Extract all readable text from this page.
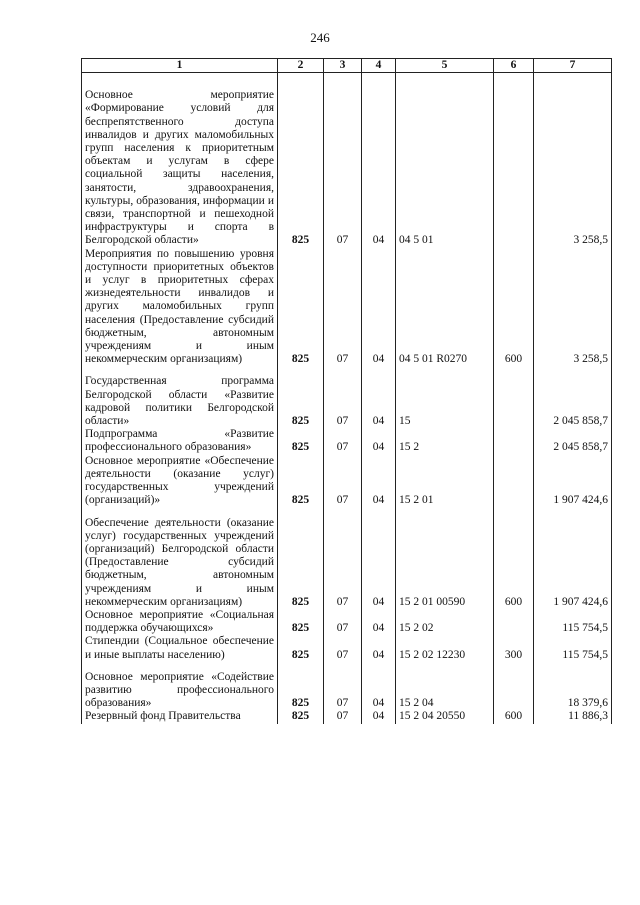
246
1	2	3	4	5	6	7
Основное мероприятие «Формирование условий для беспрепятственного доступа инвалидов и других маломобильных групп населения к приоритетным объектам и услугам в сфере социальной защиты населения, занятости, здравоохранения, культуры, образования, информации и связи, транспортной и пешеходной инфраструктуры и спорта в Белгородской области»	825	07	04	04 5 01		3 258,5
Мероприятия по повышению уровня доступности приоритетных объектов и услуг в приоритетных сферах жизнедеятельности инвалидов и других маломобильных групп населения (Предоставление субсидий бюджетным, автономным учреждениям и иным некоммерческим организациям)	825	07	04	04 5 01 R0270	600	3 258,5
Государственная программа Белгородской области «Развитие кадровой политики Белгородской области»	825	07	04	15		2 045 858,7
Подпрограмма «Развитие профессионального образования»	825	07	04	15 2		2 045 858,7
Основное мероприятие «Обеспечение деятельности (оказание услуг) государственных учреждений (организаций)»	825	07	04	15 2 01		1 907 424,6
Обеспечение деятельности (оказание услуг) государственных учреждений (организаций) Белгородской области (Предоставление субсидий бюджетным, автономным учреждениям и иным некоммерческим организациям)	825	07	04	15 2 01 00590	600	1 907 424,6
Основное мероприятие «Социальная поддержка обучающихся»	825	07	04	15 2 02		115 754,5
Стипендии (Социальное обеспечение и иные выплаты населению)	825	07	04	15 2 02 12230	300	115 754,5
Основное мероприятие «Содействие развитию профессионального образования»	825	07	04	15 2 04		18 379,6
Резервный фонд Правительства	825	07	04	15 2 04 20550	600	11 886,3
